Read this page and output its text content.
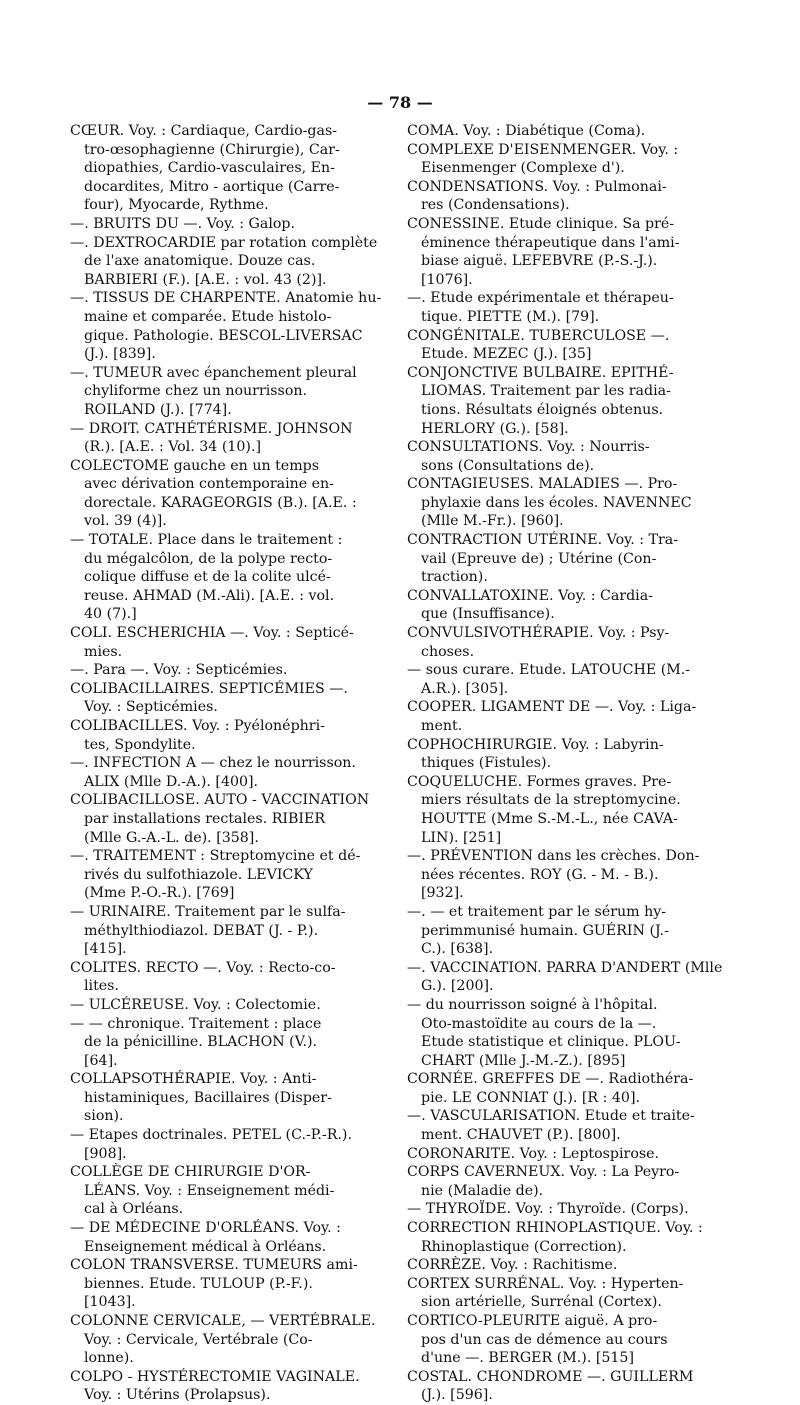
— 78 —
CŒUR. Voy. : Cardiaque, Cardio-gas-
tro-œsophagienne (Chirurgie), Car-
diopathies, Cardio-vasculaires, En-
docardites, Mitro - aortique (Carre-
four), Myocarde, Rythme.
—. BRUITS DU —. Voy. : Galop.
—. DEXTROCARDIE par rotation complète
de l'axe anatomique. Douze cas.
BARBIERI (F.). [A.E. : vol. 43 (2)].
—. TISSUS DE CHARPENTE. Anatomie hu-
maine et comparée. Etude histolo-
gique. Pathologie. BESCOL-LIVERSAC
(J.). [839].
—. TUMEUR avec épanchement pleural
chyliforme chez un nourrisson.
ROILAND (J.). [774].
— DROIT. CATHÉTÉRISME. JOHNSON
(R.). [A.E. : Vol. 34 (10).]
COLECTOME gauche en un temps
avec dérivation contemporaine en-
dorectale. KARAGEORGIS (B.). [A.E. :
vol. 39 (4)].
— TOTALE. Place dans le traitement :
du mégalcôlon, de la polype recto-
colique diffuse et de la colite ulcé-
reuse. AHMAD (M.-Ali). [A.E. : vol.
40 (7).]
COLI. ESCHERICHIA —. Voy. : Septicé-
mies.
—. Para —. Voy. : Septicémies.
COLIBACILLAIRES. SEPTICÉMIES —.
Voy. : Septicémies.
COLIBACILLES. Voy. : Pyélonéphri-
tes, Spondylite.
—. INFECTION A — chez le nourrisson.
ALIX (Mlle D.-A.). [400].
COLIBACILLOSE. AUTO - VACCINATION
par installations rectales. RIBIER
(Mlle G.-A.-L. de). [358].
—. TRAITEMENT : Streptomycine et dé-
rivés du sulfothiazole. LEVICKY
(Mme P.-O.-R.). [769]
— URINAIRE. Traitement par le sulfa-
méthylthiodiazol. DEBAT (J. - P.).
[415].
COLITES. RECTO —. Voy. : Recto-co-
lites.
— ULCÉREUSE. Voy. : Colectomie.
— — chronique. Traitement : place
de la pénicilline. BLACHON (V.).
[64].
COLLAPSOTHÉRAPIE. Voy. : Anti-
histaminiques, Bacillaires (Disper-
sion).
— Etapes doctrinales. PETEL (C.-P.-R.).
[908].
COLLÈGE DE CHIRURGIE D'OR-
LÉANS. Voy. : Enseignement médi-
cal à Orléans.
— DE MÉDECINE D'ORLÉANS. Voy. :
Enseignement médical à Orléans.
COLON TRANSVERSE. TUMEURS ami-
biennes. Etude. TULOUP (P.-F.).
[1043].
COLONNE CERVICALE, — VERTÉBRALE.
Voy. : Cervicale, Vertébrale (Co-
lonne).
COLPO - HYSTÉRECTOMIE VAGINALE.
Voy. : Utérins (Prolapsus).
COMA. Voy. : Diabétique (Coma).
COMPLEXE D'EISENMENGER. Voy. :
Eisenmenger (Complexe d').
CONDENSATIONS. Voy. : Pulmonai-
res (Condensations).
CONESSINE. Etude clinique. Sa pré-
éminence thérapeutique dans l'ami-
biase aiguë. LEFEBVRE (P.-S.-J.).
[1076].
—. Etude expérimentale et thérapeu-
tique. PIETTE (M.). [79].
CONGÉNITALE. TUBERCULOSE —.
Etude. MEZEC (J.). [35]
CONJONCTIVE BULBAIRE. EPITHÉ-
LIOMAS. Traitement par les radia-
tions. Résultats éloignés obtenus.
HERLORY (G.). [58].
CONSULTATIONS. Voy. : Nourris-
sons (Consultations de).
CONTAGIEUSES. MALADIES —. Pro-
phylaxie dans les écoles. NAVENNEC
(Mlle M.-Fr.). [960].
CONTRACTION UTÉRINE. Voy. : Tra-
vail (Epreuve de) ; Utérine (Con-
traction).
CONVALLATOXINE. Voy. : Cardia-
que (Insuffisance).
CONVULSIVOTHÉRAPIE. Voy. : Psy-
choses.
— sous curare. Etude. LATOUCHE (M.-
A.R.). [305].
COOPER. LIGAMENT DE —. Voy. : Liga-
ment.
COPHOCHIRURGIE. Voy. : Labyrin-
thiques (Fistules).
COQUELUCHE. Formes graves. Pre-
miers résultats de la streptomycine.
HOUTTE (Mme S.-M.-L., née CAVA-
LIN). [251]
—. PRÉVENTION dans les crèches. Don-
nées récentes. ROY (G. - M. - B.).
[932].
—. — et traitement par le sérum hy-
perimmunisé humain. GUÉRIN (J.-
C.). [638].
—. VACCINATION. PARRA D'ANDERT (Mlle
G.). [200].
— du nourrisson soigné à l'hôpital.
Oto-mastoïdite au cours de la —.
Etude statistique et clinique. PLOU-
CHART (Mlle J.-M.-Z.). [895]
CORNÉE. GREFFES DE —. Radiothéra-
pie. LE CONNIAT (J.). [R : 40].
—. VASCULARISATION. Etude et traite-
ment. CHAUVET (P.). [800].
CORONARITE. Voy. : Leptospirose.
CORPS CAVERNEUX. Voy. : La Peyro-
nie (Maladie de).
— THYROÏDE. Voy. : Thyroïde. (Corps).
CORRECTION RHINOPLASTIQUE. Voy. :
Rhinoplastique (Correction).
CORRÈZE. Voy. : Rachitisme.
CORTEX SURRÉNAL. Voy. : Hyperten-
sion artérielle, Surrénal (Cortex).
CORTICO-PLEURITE aiguë. A pro-
pos d'un cas de démence au cours
d'une —. BERGER (M.). [515]
COSTAL. CHONDROME —. GUILLERM
(J.). [596].
